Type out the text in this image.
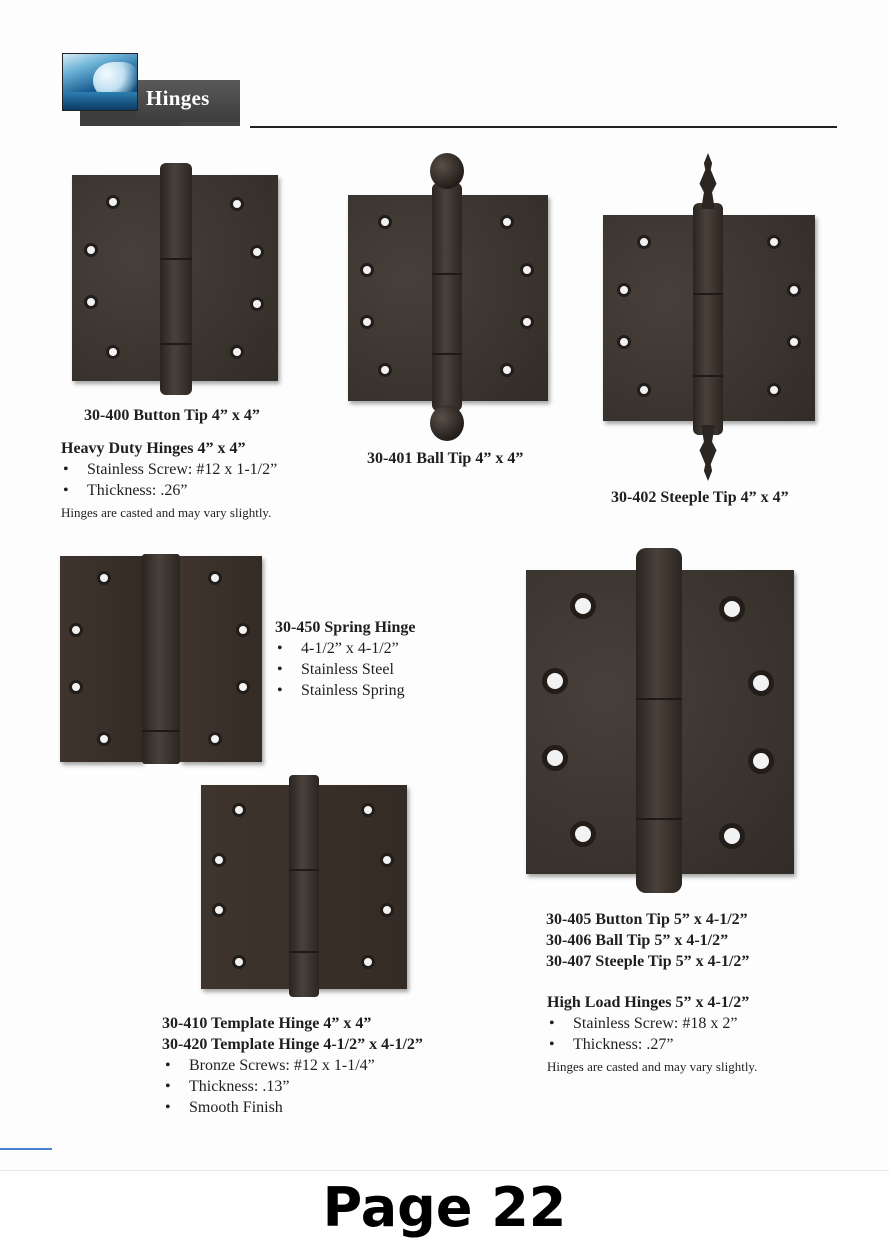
Hinges
30-400 Button Tip 4” x 4”
Heavy Duty Hinges 4” x 4”
• Stainless Screw: #12 x 1-1/2”
• Thickness: .26”
Hinges are casted and may vary slightly.
30-401 Ball Tip 4” x 4”
30-402 Steeple Tip 4” x 4”
30-450 Spring Hinge
• 4-1/2” x 4-1/2”
• Stainless Steel
• Stainless Spring
30-410 Template Hinge 4” x 4”
30-420 Template Hinge 4-1/2” x 4-1/2”
• Bronze Screws: #12 x 1-1/4”
• Thickness: .13”
• Smooth Finish
30-405 Button Tip 5” x 4-1/2”
30-406 Ball Tip 5” x 4-1/2”
30-407 Steeple Tip 5” x 4-1/2”
High Load Hinges 5” x 4-1/2”
• Stainless Screw: #18 x 2”
• Thickness: .27”
Hinges are casted and may vary slightly.
Page 22
